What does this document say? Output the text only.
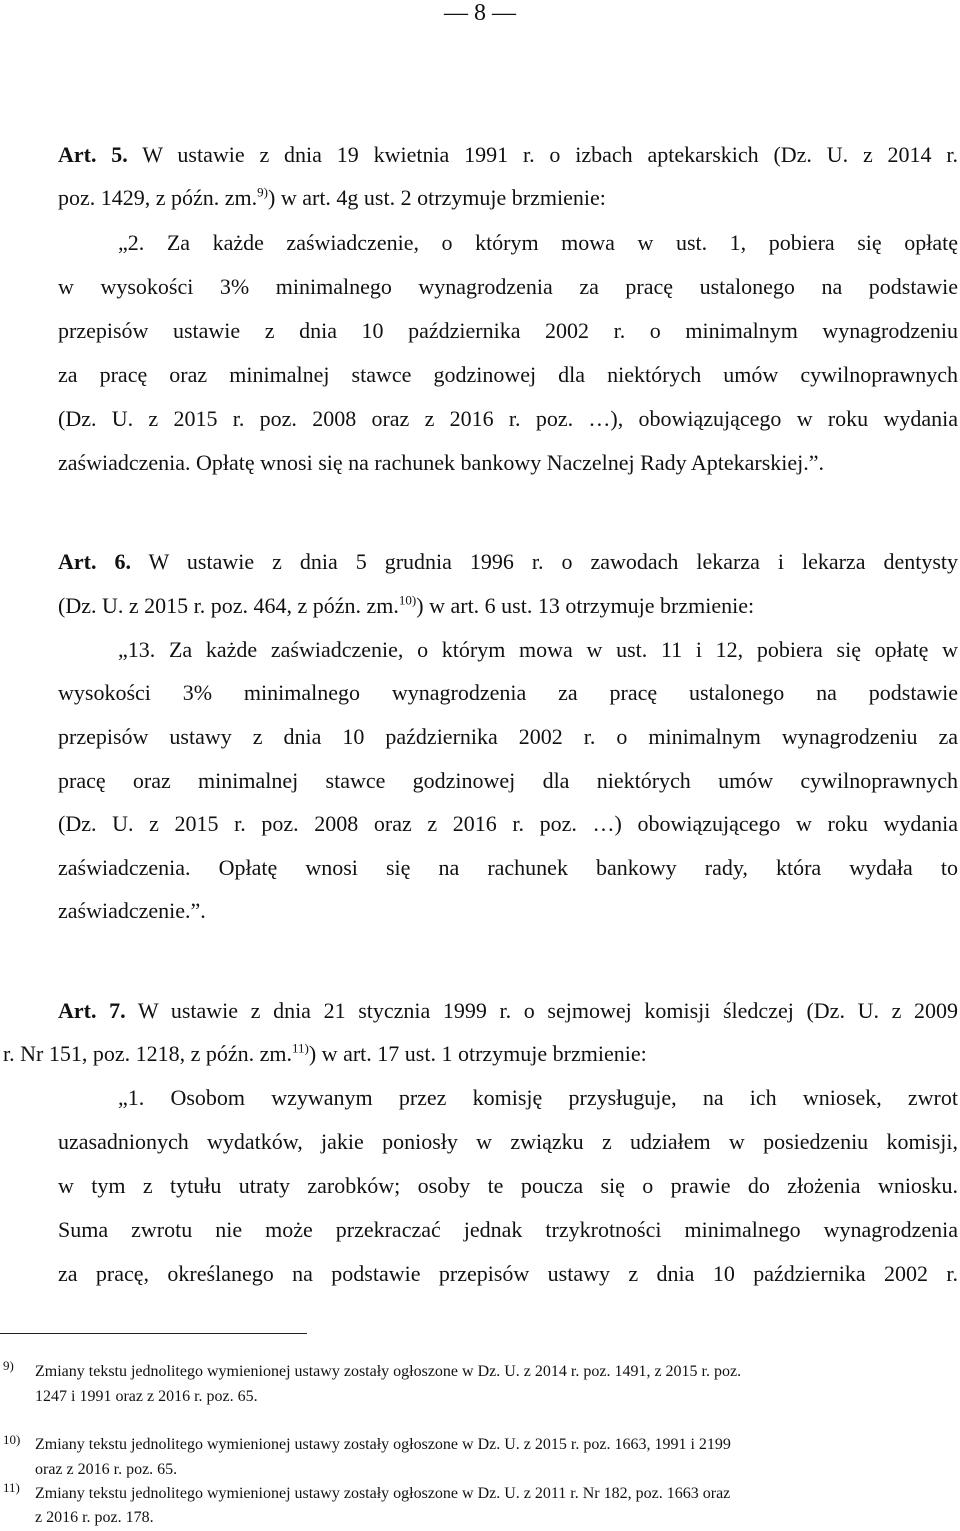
— 8 —
Art. 5. W ustawie z dnia 19 kwietnia 1991 r. o izbach aptekarskich (Dz. U. z 2014 r.
poz. 1429, z późn. zm.$^{9)}$) w art. 4g ust. 2 otrzymuje brzmienie:
„2. Za każde zaświadczenie, o którym mowa w ust. 1, pobiera się opłatę
w wysokości 3% minimalnego wynagrodzenia za pracę ustalonego na podstawie
przepisów ustawie z dnia 10 października 2002 r. o minimalnym wynagrodzeniu
za pracę oraz minimalnej stawce godzinowej dla niektórych umów cywilnoprawnych
(Dz. U. z 2015 r. poz. 2008 oraz z 2016 r. poz. …), obowiązującego w roku wydania
zaświadczenia. Opłatę wnosi się na rachunek bankowy Naczelnej Rady Aptekarskiej.”.
Art. 6. W ustawie z dnia 5 grudnia 1996 r. o zawodach lekarza i lekarza dentysty
(Dz. U. z 2015 r. poz. 464, z późn. zm.$^{10)}$) w art. 6 ust. 13 otrzymuje brzmienie:
„13. Za każde zaświadczenie, o którym mowa w ust. 11 i 12, pobiera się opłatę w
wysokości 3% minimalnego wynagrodzenia za pracę ustalonego na podstawie
przepisów ustawy z dnia 10 października 2002 r. o minimalnym wynagrodzeniu za
pracę oraz minimalnej stawce godzinowej dla niektórych umów cywilnoprawnych
(Dz. U. z 2015 r. poz. 2008 oraz z 2016 r. poz. …) obowiązującego w roku wydania
zaświadczenia. Opłatę wnosi się na rachunek bankowy rady, która wydała to
zaświadczenie.”.
Art. 7. W ustawie z dnia 21 stycznia 1999 r. o sejmowej komisji śledczej (Dz. U. z 2009
r. Nr 151, poz. 1218, z późn. zm.$^{11)}$) w art. 17 ust. 1 otrzymuje brzmienie:
„1. Osobom wzywanym przez komisję przysługuje, na ich wniosek, zwrot
uzasadnionych wydatków, jakie poniosły w związku z udziałem w posiedzeniu komisji,
w tym z tytułu utraty zarobków; osoby te poucza się o prawie do złożenia wniosku.
Suma zwrotu nie może przekraczać jednak trzykrotności minimalnego wynagrodzenia
za pracę, określanego na podstawie przepisów ustawy z dnia 10 października 2002 r.
9) Zmiany tekstu jednolitego wymienionej ustawy zostały ogłoszone w Dz. U. z 2014 r. poz. 1491, z 2015 r. poz.
1247 i 1991 oraz z 2016 r. poz. 65.
10) Zmiany tekstu jednolitego wymienionej ustawy zostały ogłoszone w Dz. U. z 2015 r. poz. 1663, 1991 i 2199
oraz z 2016 r. poz. 65.
11) Zmiany tekstu jednolitego wymienionej ustawy zostały ogłoszone w Dz. U. z 2011 r. Nr 182, poz. 1663 oraz
z 2016 r. poz. 178.
